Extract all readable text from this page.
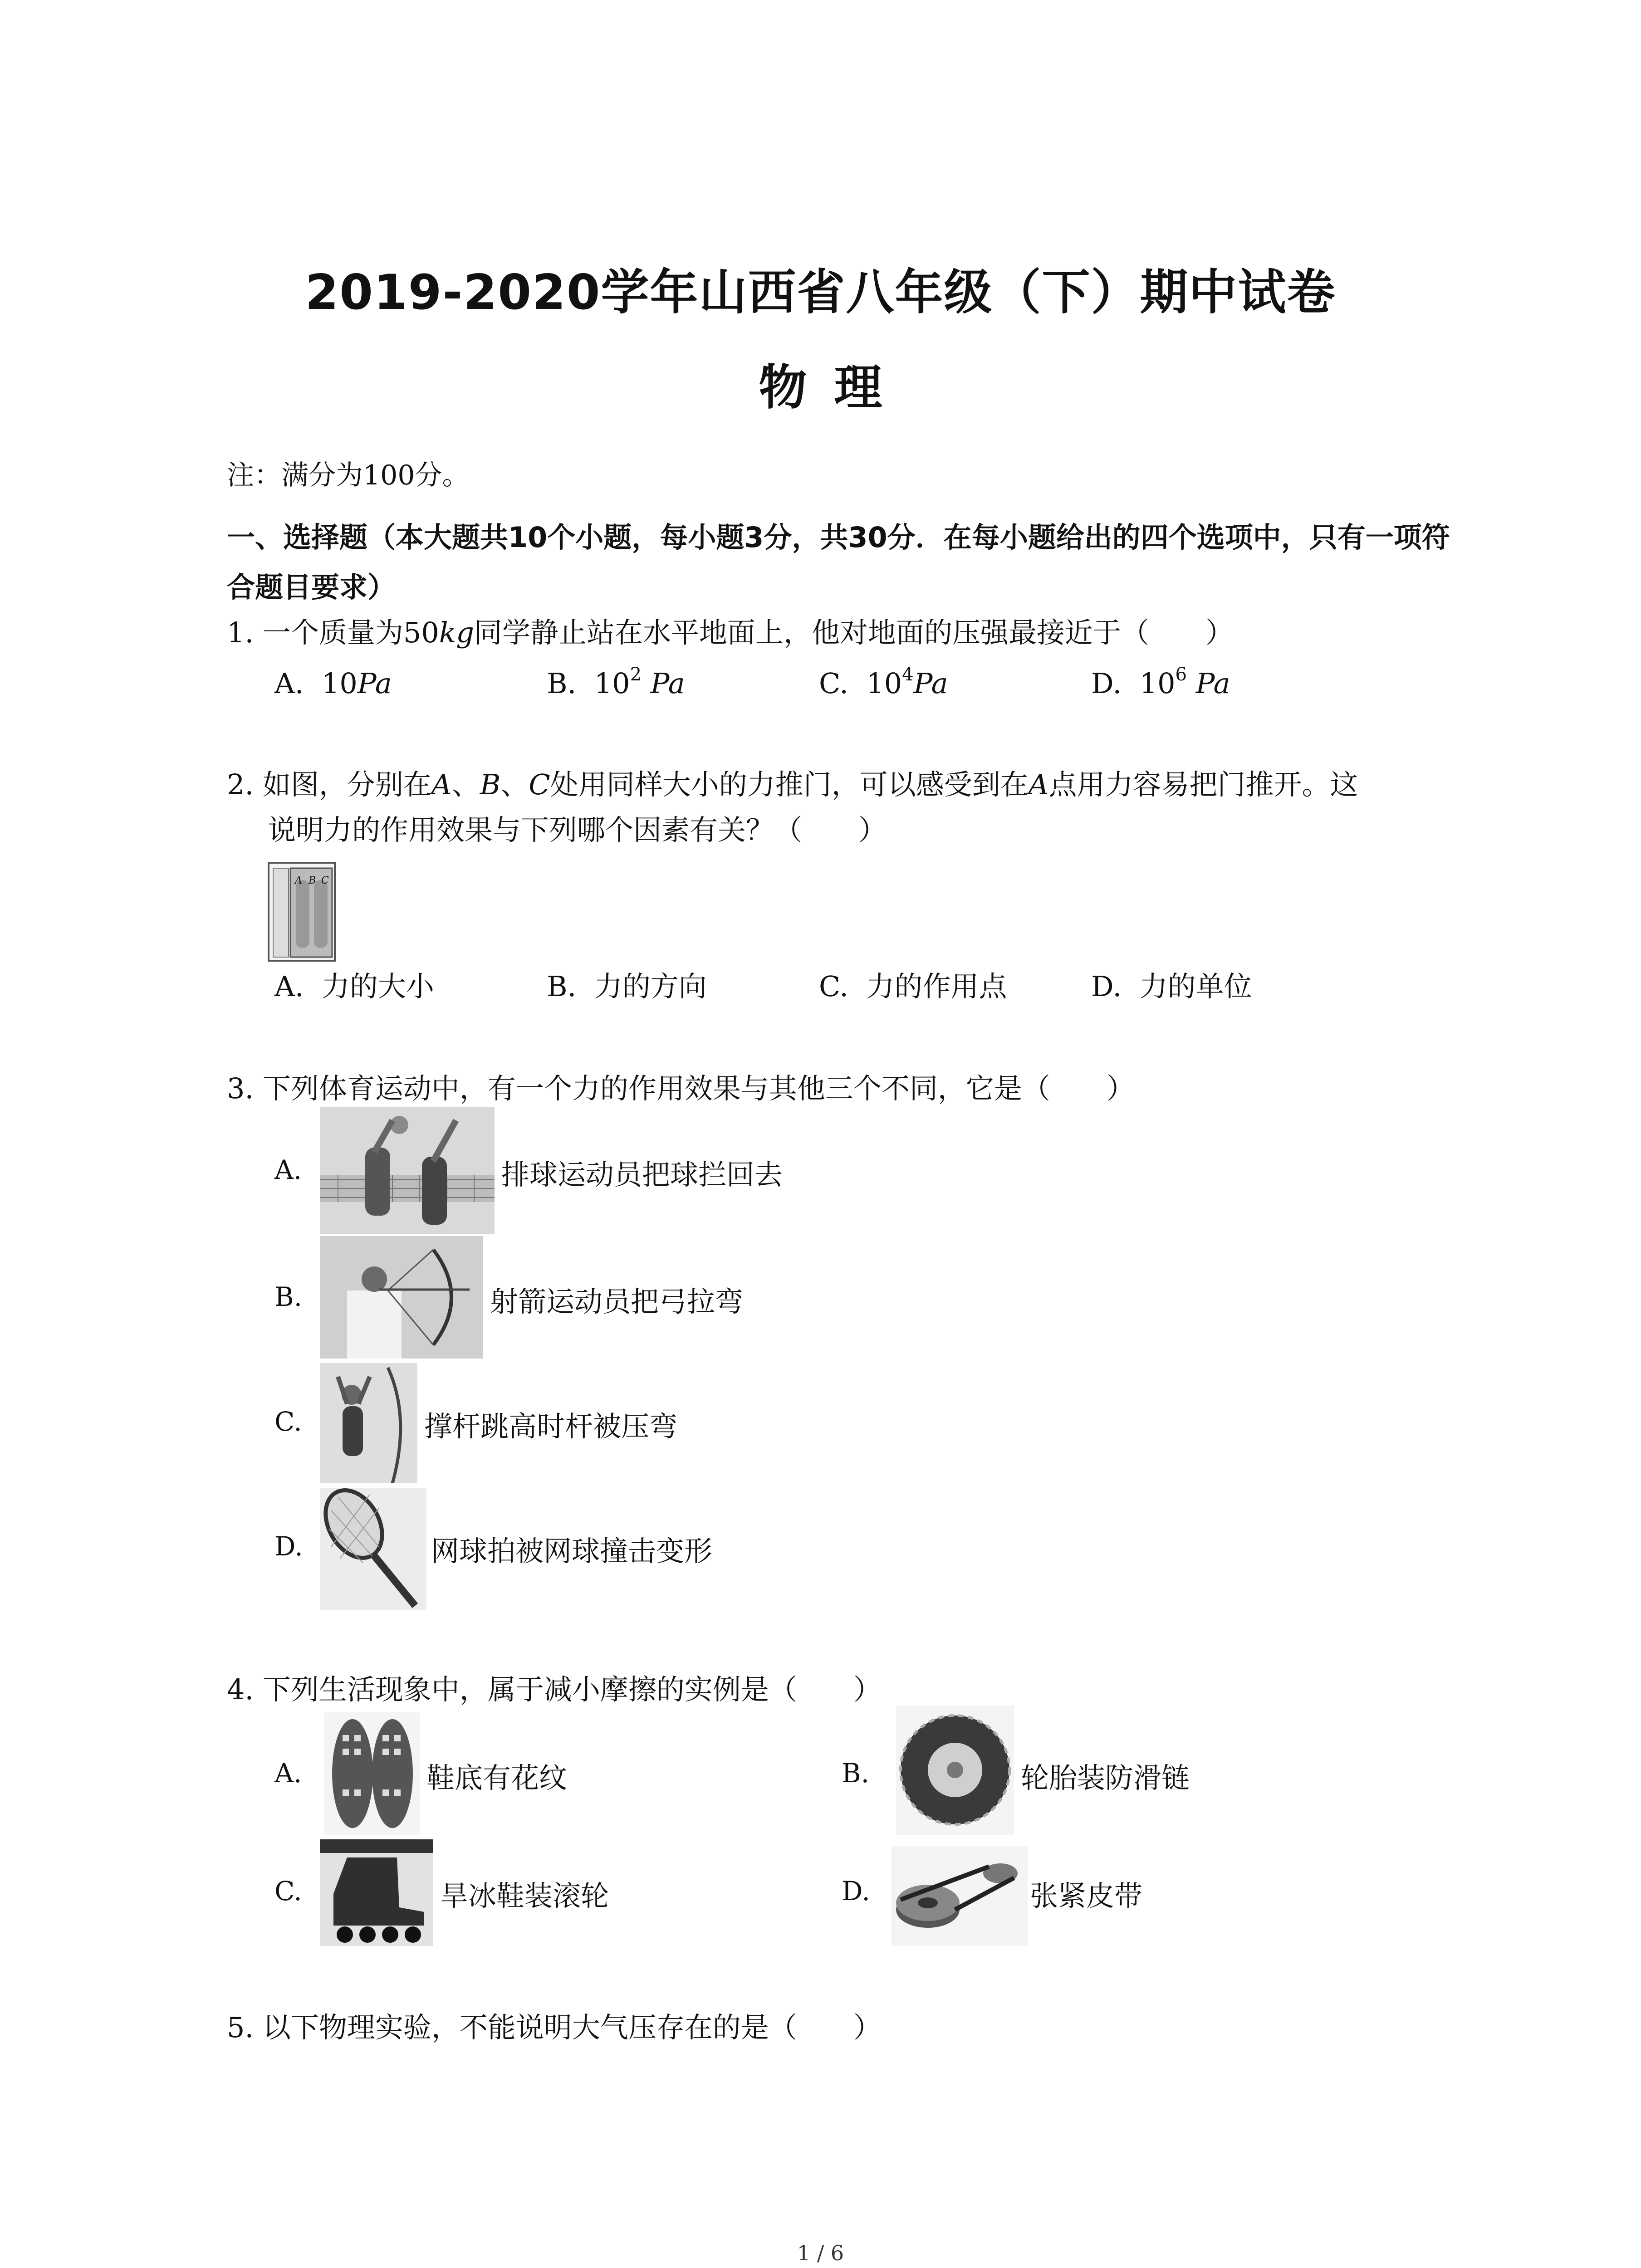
2019-2020学年山西省八年级（下）期中试卷
物理
注：满分为100分。
一、选择题（本大题共10个小题，每小题3分，共30分．在每小题给出的四个选项中，只有一项符合题目要求）
1. 一个质量为50kg同学静止站在水平地面上，他对地面的压强最接近于（　　）
A. 10Pa	B. $10^2$ Pa	C. $10^4Pa$	D. $10^6$ Pa
2. 如图，分别在A、B、C处用同样大小的力推门，可以感受到在A点用力容易把门推开。这
说明力的作用效果与下列哪个因素有关？（　　）
A B C
A. 力的大小	B. 力的方向	C. 力的作用点	D. 力的单位
3. 下列体育运动中，有一个力的作用效果与其他三个不同，它是（　　）
A.	排球运动员把球拦回去
B.	射箭运动员把弓拉弯
C.	撑杆跳高时杆被压弯
D.	网球拍被网球撞击变形
4. 下列生活现象中，属于减小摩擦的实例是（　　）
A.	鞋底有花纹	B.	轮胎装防滑链
C.	旱冰鞋装滚轮	D.	张紧皮带
5. 以下物理实验，不能说明大气压存在的是（　　）
1 / 6
